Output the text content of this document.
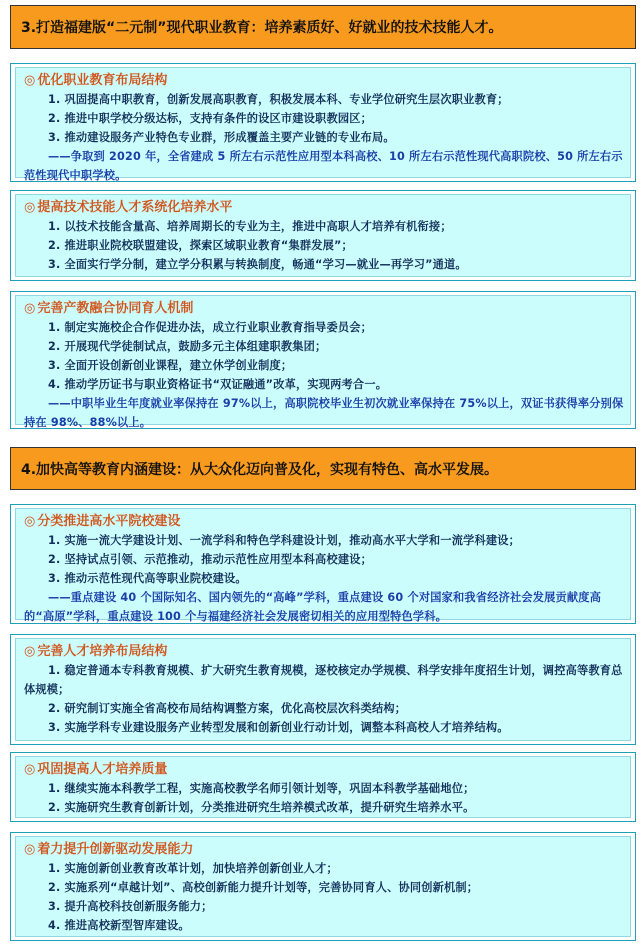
3.打造福建版“二元制”现代职业教育：培养素质好、好就业的技术技能人才。
◎ 优化职业教育布局结构
1. 巩固提高中职教育，创新发展高职教育，积极发展本科、专业学位研究生层次职业教育；
2. 推进中职学校分级达标，支持有条件的设区市建设职教园区；
3. 推动建设服务产业特色专业群，形成覆盖主要产业链的专业布局。
——争取到 2020 年，全省建成 5 所左右示范性应用型本科高校、10 所左右示范性现代高职院校、50 所左右示范性现代中职学校。
◎ 提高技术技能人才系统化培养水平
1. 以技术技能含量高、培养周期长的专业为主，推进中高职人才培养有机衔接；
2. 推进职业院校联盟建设，探索区域职业教育“集群发展”；
3. 全面实行学分制，建立学分积累与转换制度，畅通“学习—就业—再学习”通道。
◎ 完善产教融合协同育人机制
1. 制定实施校企合作促进办法，成立行业职业教育指导委员会；
2. 开展现代学徒制试点，鼓励多元主体组建职教集团；
3. 全面开设创新创业课程，建立休学创业制度；
4. 推动学历证书与职业资格证书“双证融通”改革，实现两考合一。
——中职毕业生年度就业率保持在 97%以上，高职院校毕业生初次就业率保持在 75%以上，双证书获得率分别保持在 98%、88%以上。
4.加快高等教育内涵建设：从大众化迈向普及化，实现有特色、高水平发展。
◎ 分类推进高水平院校建设
1. 实施一流大学建设计划、一流学科和特色学科建设计划，推动高水平大学和一流学科建设；
2. 坚持试点引领、示范推动，推动示范性应用型本科高校建设；
3. 推动示范性现代高等职业院校建设。
——重点建设 40 个国际知名、国内领先的“高峰”学科，重点建设 60 个对国家和我省经济社会发展贡献度高的“高原”学科，重点建设 100 个与福建经济社会发展密切相关的应用型特色学科。
◎ 完善人才培养布局结构
1. 稳定普通本专科教育规模、扩大研究生教育规模，逐校核定办学规模、科学安排年度招生计划，调控高等教育总体规模；
2. 研究制订实施全省高校布局结构调整方案，优化高校层次科类结构；
3. 实施学科专业建设服务产业转型发展和创新创业行动计划，调整本科高校人才培养结构。
◎ 巩固提高人才培养质量
1. 继续实施本科教学工程，实施高校教学名师引领计划等，巩固本科教学基础地位；
2. 实施研究生教育创新计划，分类推进研究生培养模式改革，提升研究生培养水平。
◎ 着力提升创新驱动发展能力
1. 实施创新创业教育改革计划，加快培养创新创业人才；
2. 实施系列“卓越计划”、高校创新能力提升计划等，完善协同育人、协同创新机制；
3. 提升高校科技创新服务能力；
4. 推进高校新型智库建设。
